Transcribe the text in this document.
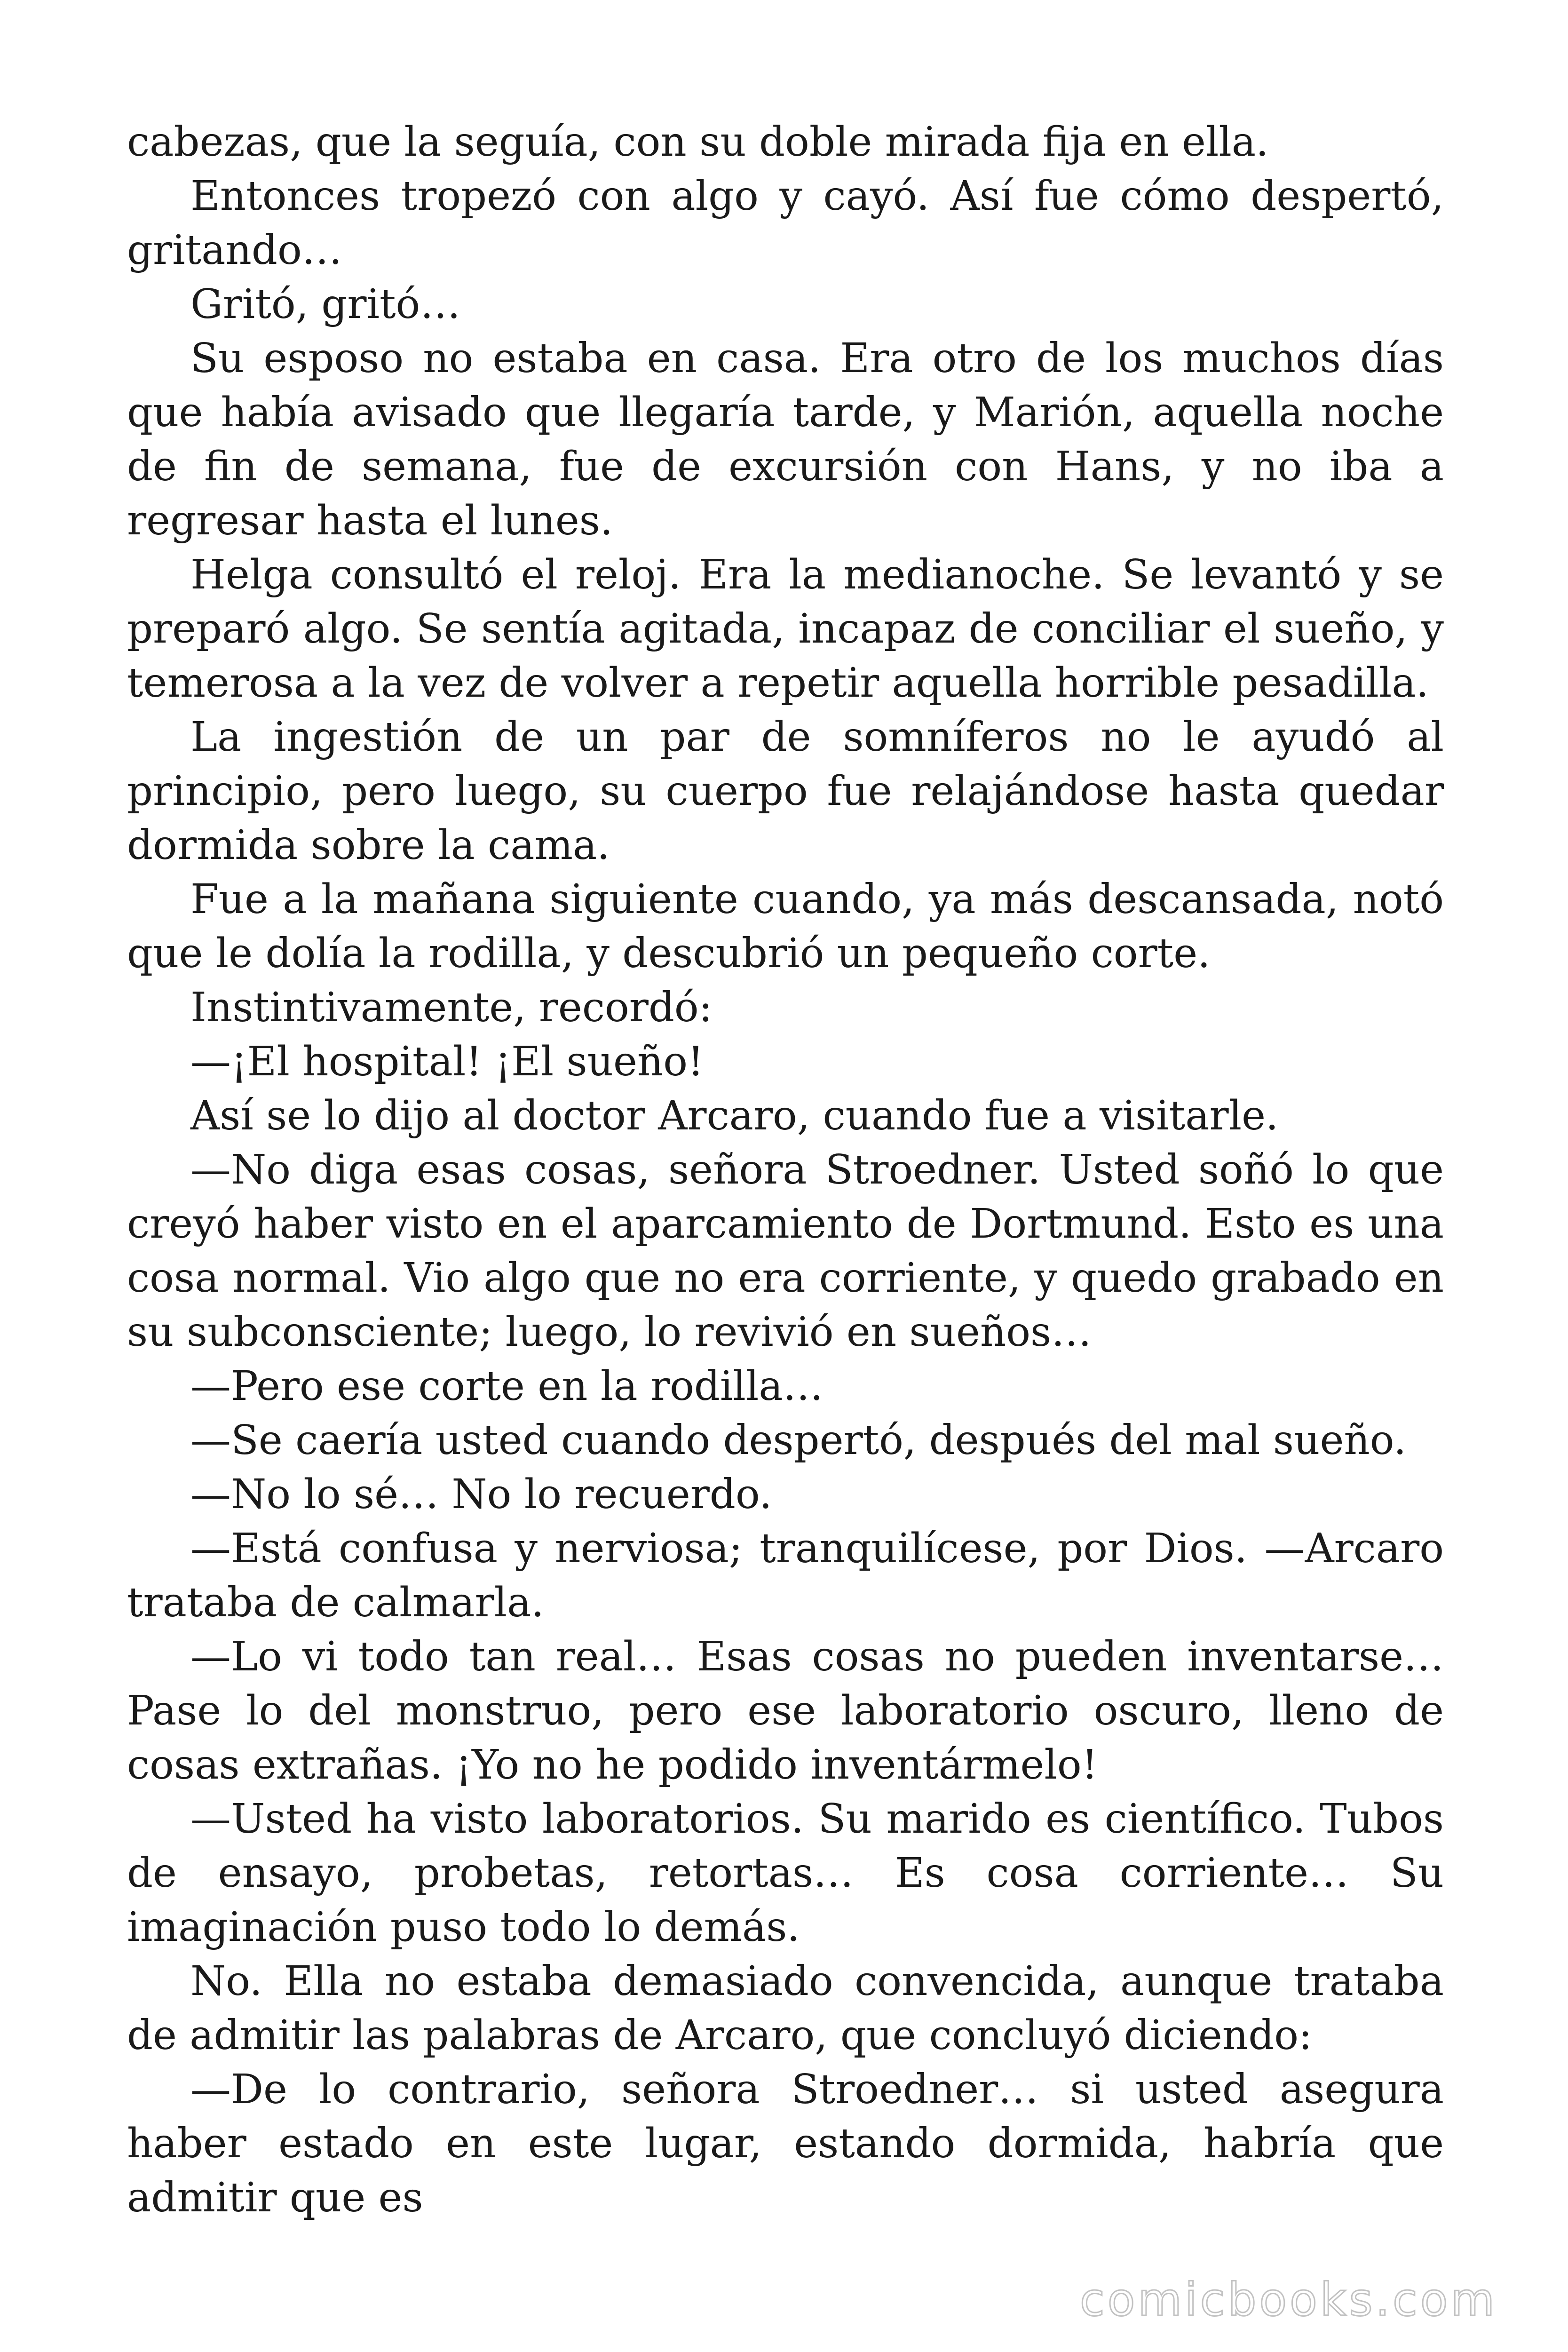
cabezas, que la seguía, con su doble mirada fija en ella.

Entonces tropezó con algo y cayó. Así fue cómo despertó, gritando…

Gritó, gritó…

Su esposo no estaba en casa. Era otro de los muchos días que había avisado que llegaría tarde, y Marión, aquella noche de fin de semana, fue de excursión con Hans, y no iba a regresar hasta el lunes.

Helga consultó el reloj. Era la medianoche. Se levantó y se preparó algo. Se sentía agitada, incapaz de conciliar el sueño, y temerosa a la vez de volver a repetir aquella horrible pesadilla.

La ingestión de un par de somníferos no le ayudó al principio, pero luego, su cuerpo fue relajándose hasta quedar dormida sobre la cama.

Fue a la mañana siguiente cuando, ya más descansada, notó que le dolía la rodilla, y descubrió un pequeño corte.

Instintivamente, recordó:

—¡El hospital! ¡El sueño!

Así se lo dijo al doctor Arcaro, cuando fue a visitarle.

—No diga esas cosas, señora Stroedner. Usted soñó lo que creyó haber visto en el aparcamiento de Dortmund. Esto es una cosa normal. Vio algo que no era corriente, y quedo grabado en su subconsciente; luego, lo revivió en sueños…

—Pero ese corte en la rodilla…

—Se caería usted cuando despertó, después del mal sueño.

—No lo sé… No lo recuerdo.

—Está confusa y nerviosa; tranquilícese, por Dios. —Arcaro trataba de calmarla.

—Lo vi todo tan real… Esas cosas no pueden inventarse… Pase lo del monstruo, pero ese laboratorio oscuro, lleno de cosas extrañas. ¡Yo no he podido inventármelo!

—Usted ha visto laboratorios. Su marido es científico. Tubos de ensayo, probetas, retortas… Es cosa corriente… Su imaginación puso todo lo demás.

No. Ella no estaba demasiado convencida, aunque trataba de admitir las palabras de Arcaro, que concluyó diciendo:

—De lo contrario, señora Stroedner… si usted asegura haber estado en este lugar, estando dormida, habría que admitir que es

comicbooks.com
